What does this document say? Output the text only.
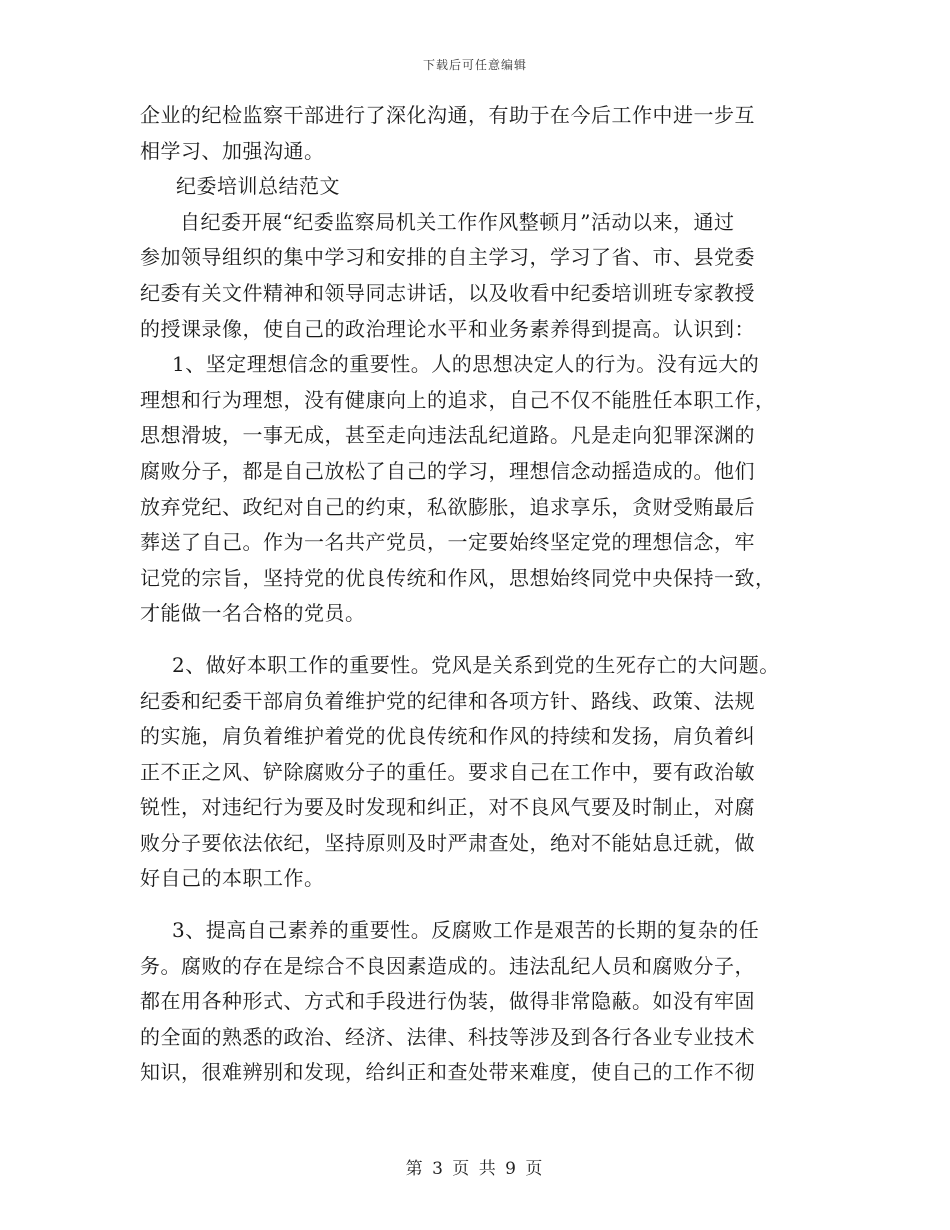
下载后可任意编辑
企业的纪检监察干部进行了深化沟通，有助于在今后工作中进一步互
相学习、加强沟通。
纪委培训总结范文
自纪委开展“纪委监察局机关工作作风整顿月”活动以来，通过
参加领导组织的集中学习和安排的自主学习，学习了省、市、县党委
纪委有关文件精神和领导同志讲话，以及收看中纪委培训班专家教授
的授课录像，使自己的政治理论水平和业务素养得到提高。认识到：
1、坚定理想信念的重要性。人的思想决定人的行为。没有远大的
理想和行为理想，没有健康向上的追求，自己不仅不能胜任本职工作，
思想滑坡，一事无成，甚至走向违法乱纪道路。凡是走向犯罪深渊的
腐败分子，都是自己放松了自己的学习，理想信念动摇造成的。他们
放弃党纪、政纪对自己的约束，私欲膨胀，追求享乐，贪财受贿最后
葬送了自己。作为一名共产党员，一定要始终坚定党的理想信念，牢
记党的宗旨，坚持党的优良传统和作风，思想始终同党中央保持一致，
才能做一名合格的党员。
2、做好本职工作的重要性。党风是关系到党的生死存亡的大问题。
纪委和纪委干部肩负着维护党的纪律和各项方针、路线、政策、法规
的实施，肩负着维护着党的优良传统和作风的持续和发扬，肩负着纠
正不正之风、铲除腐败分子的重任。要求自己在工作中，要有政治敏
锐性，对违纪行为要及时发现和纠正，对不良风气要及时制止，对腐
败分子要依法依纪，坚持原则及时严肃查处，绝对不能姑息迁就，做
好自己的本职工作。
3、提高自己素养的重要性。反腐败工作是艰苦的长期的复杂的任
务。腐败的存在是综合不良因素造成的。违法乱纪人员和腐败分子，
都在用各种形式、方式和手段进行伪装，做得非常隐蔽。如没有牢固
的全面的熟悉的政治、经济、法律、科技等涉及到各行各业专业技术
知识，很难辨别和发现，给纠正和查处带来难度，使自己的工作不彻
第 3 页 共 9 页
